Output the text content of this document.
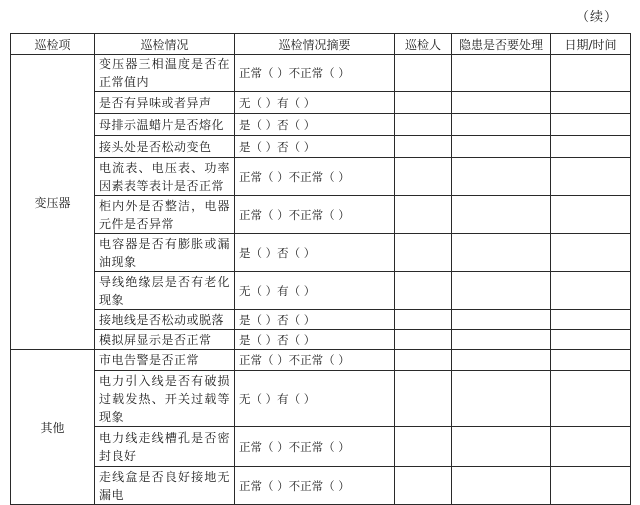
（续）
巡检项	巡检情况	巡检情况摘要	巡检人	隐患是否要处理	日期/时间
变压器	变压器三相温度是否在正常值内	正常（ ）不正常（ ）			
	是否有异味或者异声	无（ ）有（ ）			
	母排示温蜡片是否熔化	是（ ）否（ ）			
	接头处是否松动变色	是（ ）否（ ）			
	电流表、电压表、功率因素表等表计是否正常	正常（ ）不正常（ ）			
	柜内外是否整洁，电器元件是否异常	正常（ ）不正常（ ）			
	电容器是否有膨胀或漏油现象	是（ ）否（ ）			
	导线绝缘层是否有老化现象	无（ ）有（ ）			
	接地线是否松动或脱落	是（ ）否（ ）			
	模拟屏显示是否正常	是（ ）否（ ）			
其他	市电告警是否正常	正常（ ）不正常（ ）			
	电力引入线是否有破损过载发热、开关过载等现象	无（ ）有（ ）			
	电力线走线槽孔是否密封良好	正常（ ）不正常（ ）			
	走线盒是否良好接地无漏电	正常（ ）不正常（ ）			
